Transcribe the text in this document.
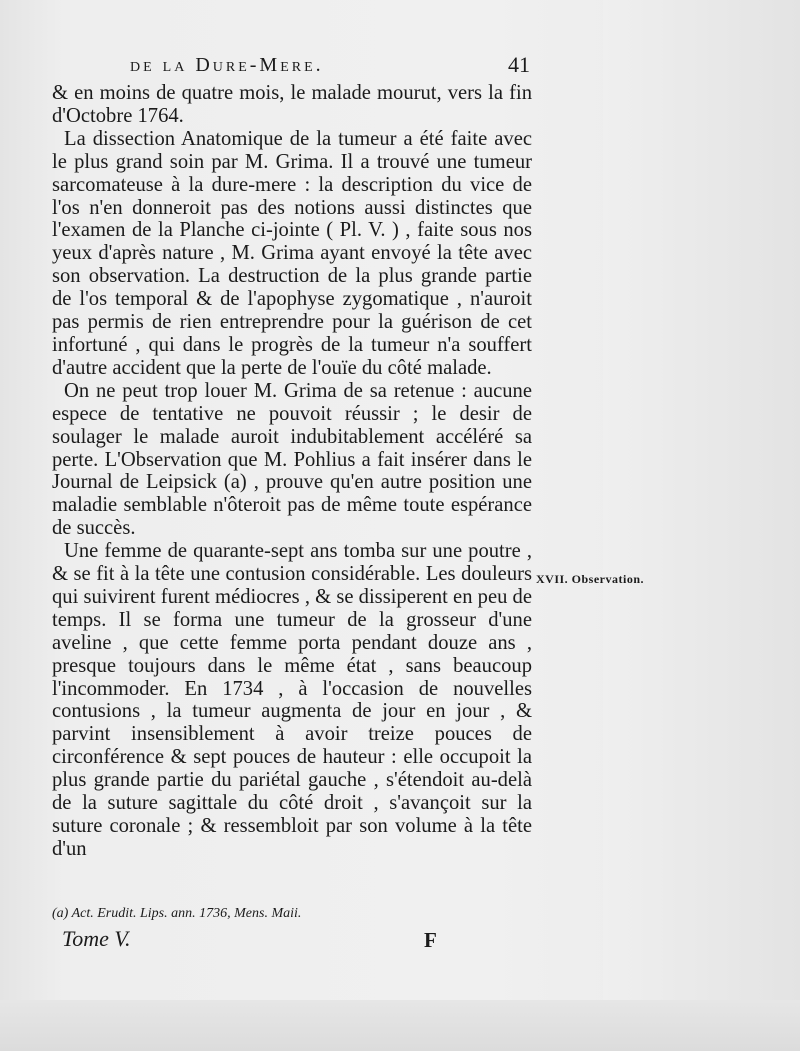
de la Dure-Mere.	41

& en moins de quatre mois, le malade mourut, vers la fin d'Octobre 1764.

La dissection Anatomique de la tumeur a été faite avec le plus grand soin par M. Grima. Il a trouvé une tumeur sarcomateuse à la dure-mere : la description du vice de l'os n'en donneroit pas des notions aussi distinctes que l'examen de la Planche ci-jointe ( Pl. V. ) , faite sous nos yeux d'après nature , M. Grima ayant envoyé la tête avec son observation. La destruction de la plus grande partie de l'os temporal & de l'apophyse zygomatique , n'auroit pas permis de rien entreprendre pour la guérison de cet infortuné , qui dans le progrès de la tumeur n'a souffert d'autre accident que la perte de l'ouïe du côté malade.

On ne peut trop louer M. Grima de sa retenue : aucune espece de tentative ne pouvoit réussir ; le desir de soulager le malade auroit indubitablement accéléré sa perte. L'Observation que M. Pohlius a fait insérer dans le Journal de Leipsick (a) , prouve qu'en autre position une maladie semblable n'ôteroit pas de même toute espérance de succès.

Une femme de quarante-sept ans tomba sur une poutre , & se fit à la tête une contusion considérable. Les douleurs qui suivirent furent médiocres , & se dissiperent en peu de temps. Il se forma une tumeur de la grosseur d'une aveline , que cette femme porta pendant douze ans , presque toujours dans le même état , sans beaucoup l'incommoder. En 1734 , à l'occasion de nouvelles contusions , la tumeur augmenta de jour en jour , & parvint insensiblement à avoir treize pouces de circonférence & sept pouces de hauteur : elle occupoit la plus grande partie du pariétal gauche , s'étendoit au-delà de la suture sagittale du côté droit , s'avançoit sur la suture coronale ; & ressembloit par son volume à la tête d'un

XVII. Observation.
(a) Act. Erudit. Lips. ann. 1736, Mens. Maii.
Tome V.	F
